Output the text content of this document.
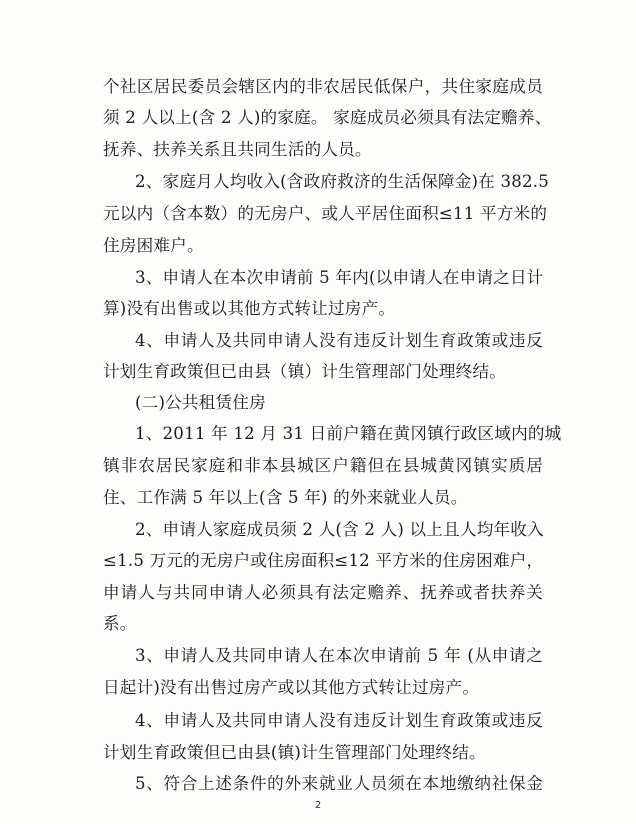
个社区居民委员会辖区内的非农居民低保户，共住家庭成员
须 2 人以上(含 2 人)的家庭。 家庭成员必须具有法定赡养、
抚养、扶养关系且共同生活的人员。
2、家庭月人均收入(含政府救济的生活保障金)在 382.5
元以内（含本数）的无房户、或人平居住面积≤11 平方米的
住房困难户。
3、申请人在本次申请前 5 年内(以申请人在申请之日计
算)没有出售或以其他方式转让过房产。
4、申请人及共同申请人没有违反计划生育政策或违反
计划生育政策但已由县（镇）计生管理部门处理终结。
(二)公共租赁住房
1、2011 年 12 月 31 日前户籍在黄冈镇行政区域内的城
镇非农居民家庭和非本县城区户籍但在县城黄冈镇实质居
住、工作满 5 年以上(含 5 年) 的外来就业人员。
2、申请人家庭成员须 2 人(含 2 人) 以上且人均年收入
≤1.5 万元的无房户或住房面积≤12 平方米的住房困难户，
申请人与共同申请人必须具有法定赡养、抚养或者扶养关
系。
3、申请人及共同申请人在本次申请前 5 年 (从申请之
日起计)没有出售过房产或以其他方式转让过房产。
4、申请人及共同申请人没有违反计划生育政策或违反
计划生育政策但已由县(镇)计生管理部门处理终结。
5、符合上述条件的外来就业人员须在本地缴纳社保金
2
